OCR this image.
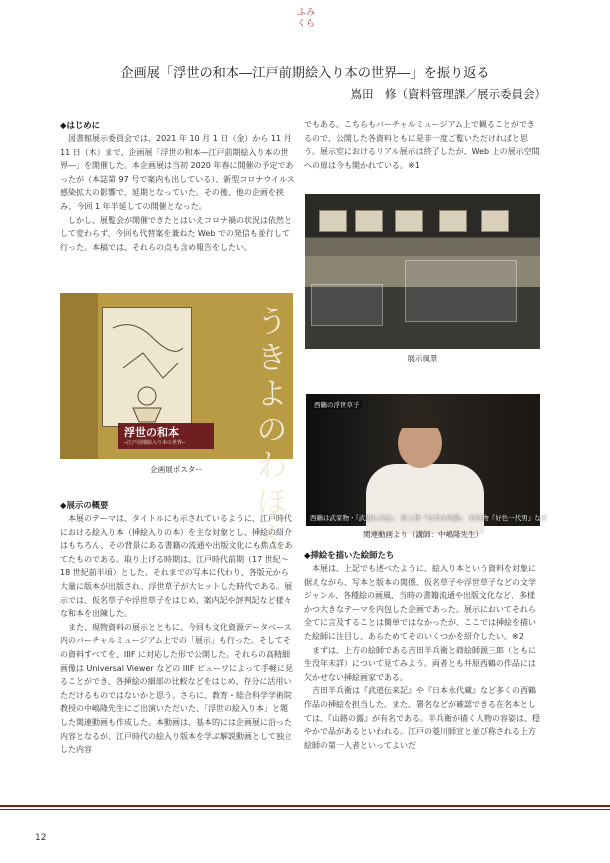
ふみくら
企画展「浮世の和本―江戸前期絵入り本の世界―」を振り返る
嶌田　修（資料管理課／展示委員会）
◆はじめに

図書館展示委員会では、2021 年 10 月 1 日（金）から 11 月 11 日（木）まで、企画展「浮世の和本―江戸前期絵入り本の世界―」を開催した。本企画展は当初 2020 年春に開催の予定であったが（本誌第 97 号で案内も出している）、新型コロナウイルス感染拡大の影響で、延期となっていた。その後、他の企画を挟み、今回 1 年半延しての開催となった。

しかし、展覧会が開催できたとはいえコロナ禍の状況は依然として変わらず、今回も代替案を兼ねた Web での発信も並行して行った。本稿では、それらの点も含め報告をしたい。

浮世の和本
─江戸前期絵入り本の世界─
うきよのわほん
企画展ポスター
◆展示の概要

本展のテーマは、タイトルにも示されているように、江戸時代における絵入り本（挿絵入りの本）を主な対象とし、挿絵の紹介はもちろん、その背景にある書籍の流通や出版文化にも焦点をあてたものである。取り上げる時期は、江戸時代前期（17 世紀～ 18 世紀前半頃）とした。それまでの写本に代わり、各版元から大量に版本が出版され、浮世草子が大ヒットした時代である。展示では、仮名草子や浮世草子をはじめ、案内記や評判記など様々な和本を出陳した。

また、現物資料の展示とともに、今回も文化資源データベース内のバーチャルミュージアム上での「展示」も行った。そしてその資料すべてを、IIIF に対応した形で公開した。それらの高精細画像は Universal Viewer などの IIIF ビューワによって手軽に見ることができ、各挿絵の細部の比較などをはじめ、存分に活用いただけるものではないかと思う。さらに、教育・総合科学学術院教授の中嶋隆先生にご出演いただいた、「浮世の絵入り本」と題した関連動画も作成した。本動画は、基本的には企画展に沿った内容となるが、江戸時代の絵入り版本を学ぶ解説動画として独立した内容

でもある。こちらもバーチャルミュージアム上で観ることができるので、公開した各資料ともに是非一度ご覧いただければと思う。展示室におけるリアル展示は終了したが、Web 上の展示空間への扉は今も開かれている。※1

展示風景
西鶴の浮世草子
西鶴は武家物・『武道伝来記』　町人物『日本永代蔵』　好色物『好色一代男』など
関連動画より（講師：中嶋隆先生）
◆挿絵を描いた絵師たち

本展は、上記でも述べたように、絵入り本という資料を対象に据えながら、写本と版本の関係、仮名草子や浮世草子などの文学ジャンル、各種絵の画風、当時の書籍流通や出版文化など、多様かつ大きなテーマを内包した企画であった。展示においてそれら全てに言及することは簡単ではなかったが、ここでは挿絵を描いた絵師に注目し、あらためてそのいくつかを紹介したい。※2

まずは、上方の絵師である吉田半兵衛と蒔絵師源三郎（ともに生没年未詳）について見てみよう。両者とも井原西鶴の作品には欠かせない挿絵画家である。

吉田半兵衛は『武道伝来記』や『日本永代蔵』など多くの西鶴作品の挿絵を担当した。また、署名などが確認できる在名本としては、『山路の露』が有名である。半兵衛が描く人物の容姿は、穏やかで品があるといわれる。江戸の菱川師宣と並び称される上方絵師の第一人者といってよいだ

12
